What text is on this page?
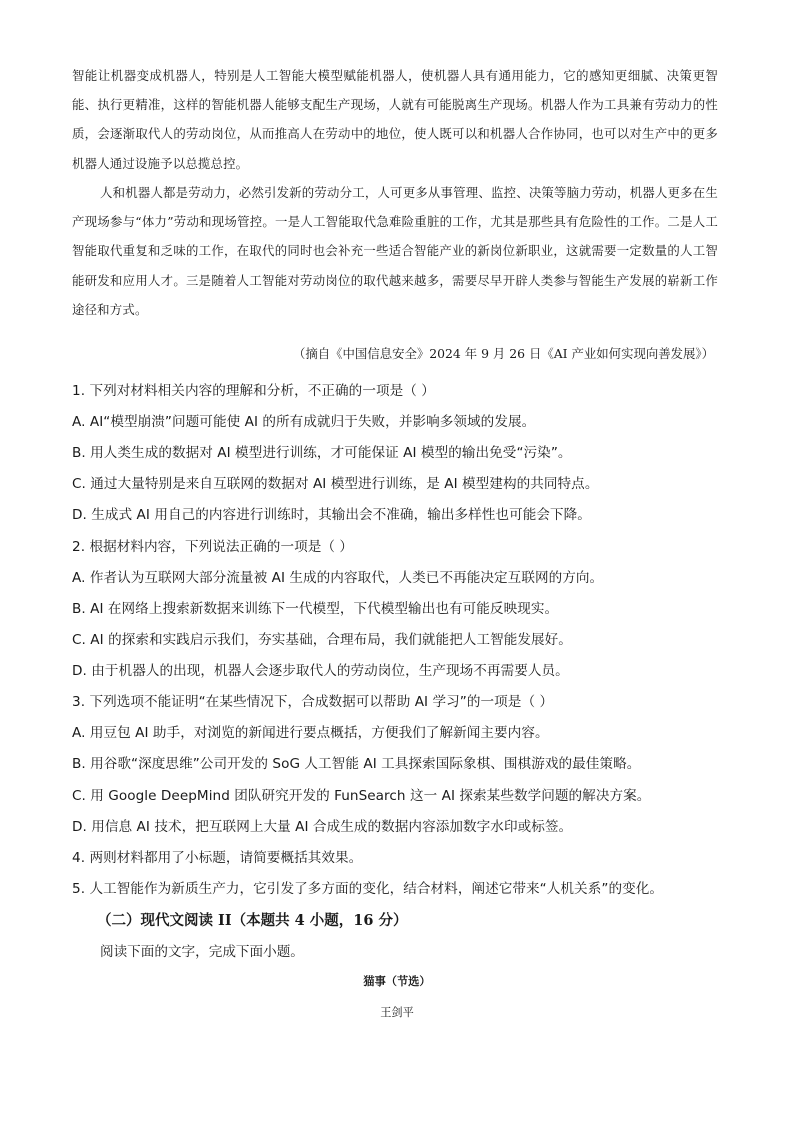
智能让机器变成机器人，特别是人工智能大模型赋能机器人，使机器人具有通用能力，它的感知更细腻、决策更智能、执行更精准，这样的智能机器人能够支配生产现场，人就有可能脱离生产现场。机器人作为工具兼有劳动力的性质，会逐渐取代人的劳动岗位，从而推高人在劳动中的地位，使人既可以和机器人合作协同，也可以对生产中的更多机器人通过设施予以总揽总控。
人和机器人都是劳动力，必然引发新的劳动分工，人可更多从事管理、监控、决策等脑力劳动，机器人更多在生产现场参与“体力”劳动和现场管控。一是人工智能取代急难险重脏的工作，尤其是那些具有危险性的工作。二是人工智能取代重复和乏味的工作，在取代的同时也会补充一些适合智能产业的新岗位新职业，这就需要一定数量的人工智能研发和应用人才。三是随着人工智能对劳动岗位的取代越来越多，需要尽早开辟人类参与智能生产发展的崭新工作途径和方式。
（摘自《中国信息安全》2024 年 9 月 26 日《AI 产业如何实现向善发展》）
1. 下列对材料相关内容的理解和分析，不正确的一项是（ ）
A. AI“模型崩溃”问题可能使 AI 的所有成就归于失败，并影响多领域的发展。
B. 用人类生成的数据对 AI 模型进行训练，才可能保证 AI 模型的输出免受“污染”。
C. 通过大量特别是来自互联网的数据对 AI 模型进行训练，是 AI 模型建构的共同特点。
D. 生成式 AI 用自己的内容进行训练时，其输出会不准确，输出多样性也可能会下降。
2. 根据材料内容，下列说法正确的一项是（ ）
A. 作者认为互联网大部分流量被 AI 生成的内容取代，人类已不再能决定互联网的方向。
B. AI 在网络上搜索新数据来训练下一代模型，下代模型输出也有可能反映现实。
C. AI 的探索和实践启示我们，夯实基础，合理布局，我们就能把人工智能发展好。
D. 由于机器人的出现，机器人会逐步取代人的劳动岗位，生产现场不再需要人员。
3. 下列选项不能证明“在某些情况下，合成数据可以帮助 AI 学习”的一项是（ ）
A. 用豆包 AI 助手，对浏览的新闻进行要点概括，方便我们了解新闻主要内容。
B. 用谷歌“深度思维”公司开发的 SoG 人工智能 AI 工具探索国际象棋、围棋游戏的最佳策略。
C. 用 Google DeepMind 团队研究开发的 FunSearch 这一 AI 探索某些数学问题的解决方案。
D. 用信息 AI 技术，把互联网上大量 AI 合成生成的数据内容添加数字水印或标签。
4. 两则材料都用了小标题，请简要概括其效果。
5. 人工智能作为新质生产力，它引发了多方面的变化，结合材料，阐述它带来“人机关系”的变化。
（二）现代文阅读 II（本题共 4 小题，16 分）
阅读下面的文字，完成下面小题。
猫事（节选）
王剑平
